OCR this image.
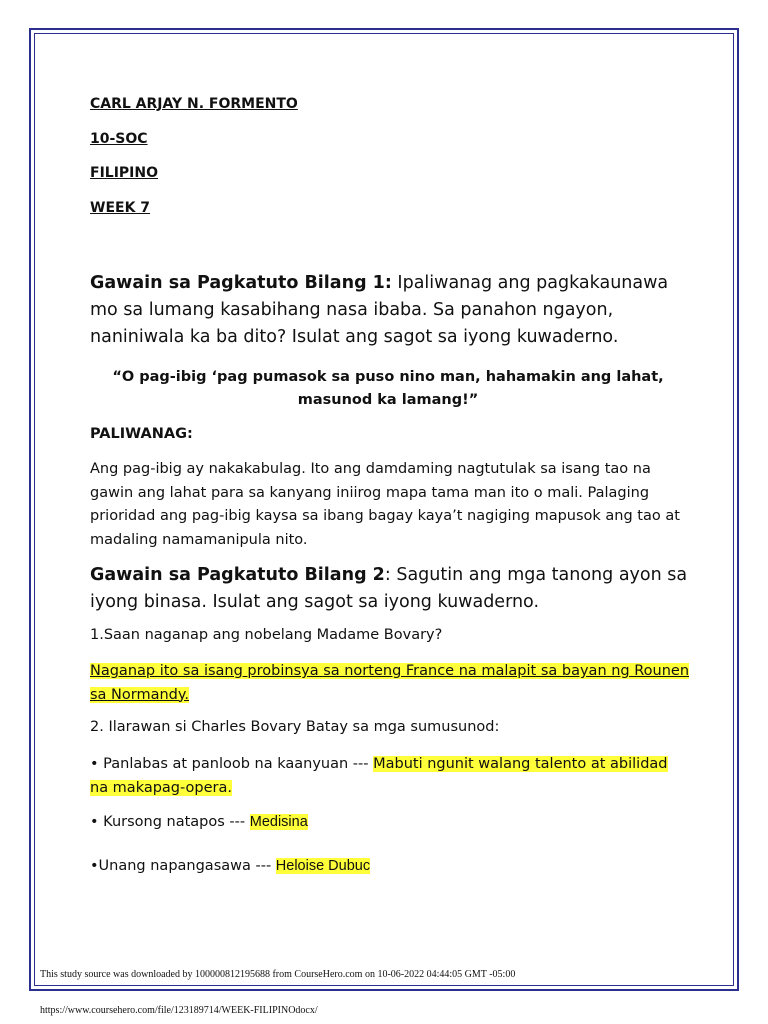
CARL ARJAY N. FORMENTO
10-SOC
FILIPINO
WEEK 7
Gawain sa Pagkatuto Bilang 1: Ipaliwanag ang pagkakaunawa mo sa lumang kasabihang nasa ibaba. Sa panahon ngayon, naniniwala ka ba dito? Isulat ang sagot sa iyong kuwaderno.
“O pag-ibig ‘pag pumasok sa puso nino man, hahamakin ang lahat, masunod ka lamang!”
PALIWANAG:
Ang pag-ibig ay nakakabulag. Ito ang damdaming nagtutulak sa isang tao na gawin ang lahat para sa kanyang iniirog mapa tama man ito o mali. Palaging prioridad ang pag-ibig kaysa sa ibang bagay kaya’t nagiging mapusok ang tao at madaling namamanipula nito.
Gawain sa Pagkatuto Bilang 2: Sagutin ang mga tanong ayon sa iyong binasa. Isulat ang sagot sa iyong kuwaderno.
1.Saan naganap ang nobelang Madame Bovary?
Naganap ito sa isang probinsya sa norteng France na malapit sa bayan ng Rounen sa Normandy.
2. Ilarawan si Charles Bovary Batay sa mga sumusunod:
• Panlabas at panloob na kaanyuan --- Mabuti ngunit walang talento at abilidad na makapag-opera.
• Kursong natapos --- Medisina
•Unang napangasawa --- Heloise Dubuc
This study source was downloaded by 100000812195688 from CourseHero.com on 10-06-2022 04:44:05 GMT -05:00
https://www.coursehero.com/file/123189714/WEEK-FILIPINOdocx/
